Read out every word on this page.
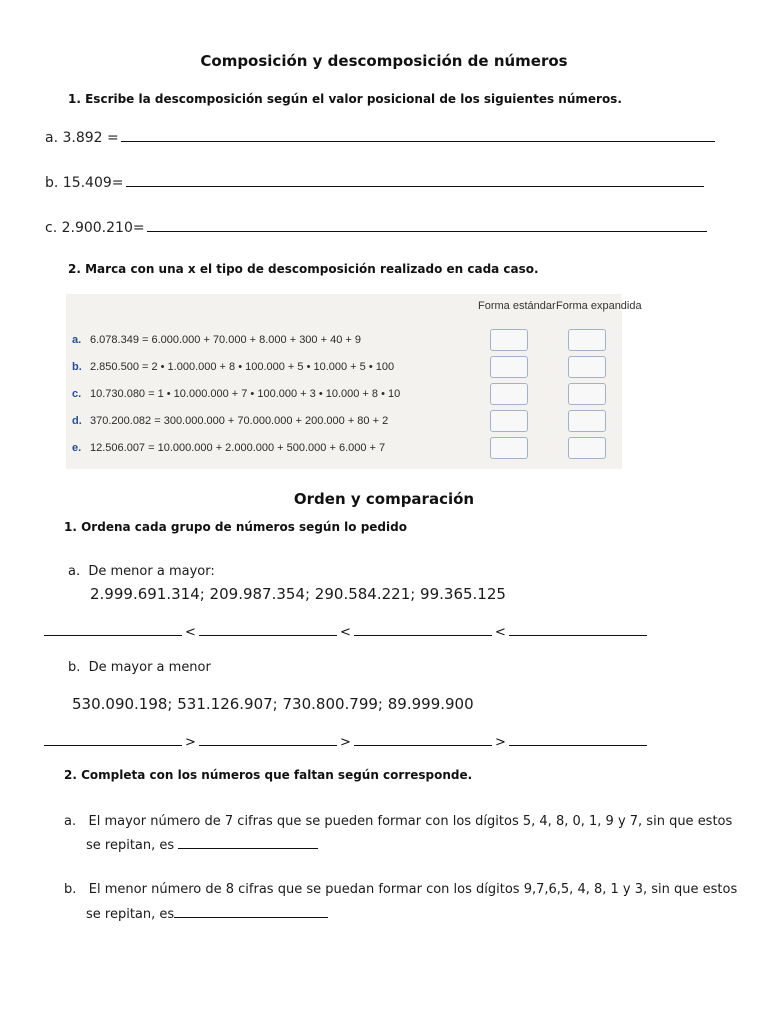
Composición y descomposición de números
1. Escribe la descomposición según el valor posicional de los siguientes números.
a. 3.892 =
b. 15.409=
c. 2.900.210=
2. Marca con una x el tipo de descomposición realizado en cada caso.
Forma estándar Forma expandida
a. 6.078.349 = 6.000.000 + 70.000 + 8.000 + 300 + 40 + 9
b. 2.850.500 = 2 • 1.000.000 + 8 • 100.000 + 5 • 10.000 + 5 • 100
c. 10.730.080 = 1 • 10.000.000 + 7 • 100.000 + 3 • 10.000 + 8 • 10
d. 370.200.082 = 300.000.000 + 70.000.000 + 200.000 + 80 + 2
e. 12.506.007 = 10.000.000 + 2.000.000 + 500.000 + 6.000 + 7
Orden y comparación
1. Ordena cada grupo de números según lo pedido
a. De menor a mayor:
2.999.691.314; 209.987.354; 290.584.221; 99.365.125
<	<	<
b. De mayor a menor
530.090.198; 531.126.907; 730.800.799; 89.999.900
>	>	>
2. Completa con los números que faltan según corresponde.
a. El mayor número de 7 cifras que se pueden formar con los dígitos 5, 4, 8, 0, 1, 9 y 7, sin que estos
se repitan, es
b. El menor número de 8 cifras que se puedan formar con los dígitos 9,7,6,5, 4, 8, 1 y 3, sin que estos
se repitan, es
